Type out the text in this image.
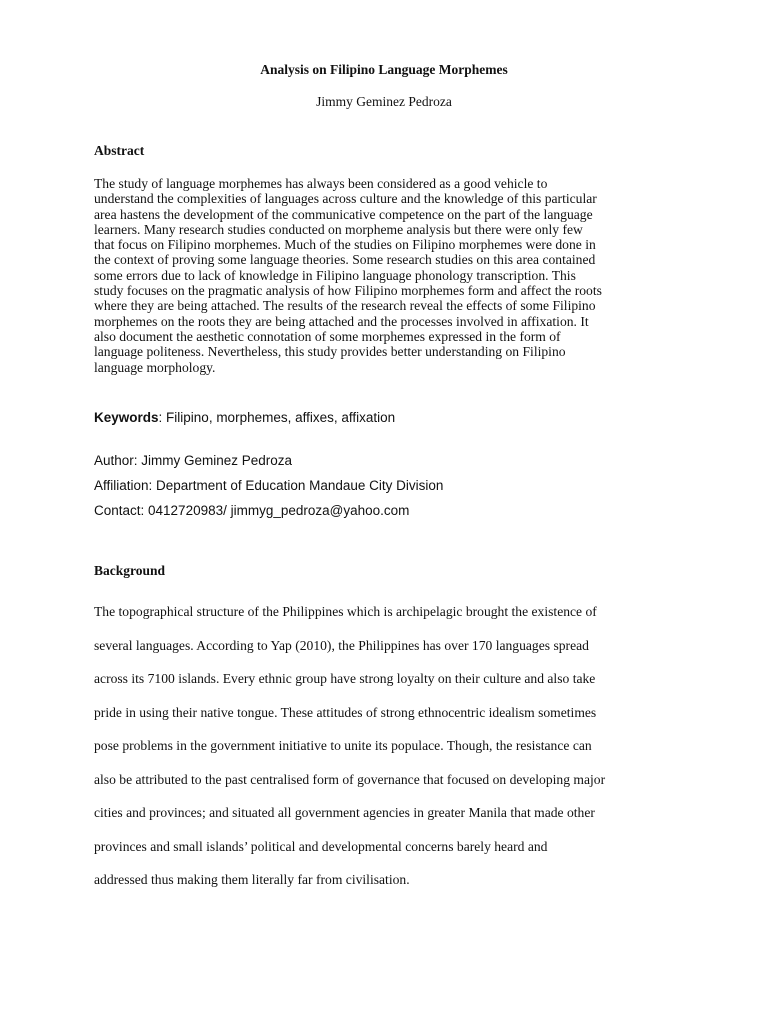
Analysis on Filipino Language Morphemes
Jimmy Geminez Pedroza
Abstract
The study of language morphemes has always been considered as a good vehicle to
understand the complexities of languages across culture and the knowledge of this particular
area hastens the development of the communicative competence on the part of the language
learners. Many research studies conducted on morpheme analysis but there were only few
that focus on Filipino morphemes. Much of the studies on Filipino morphemes were done in
the context of proving some language theories. Some research studies on this area contained
some errors due to lack of knowledge in Filipino language phonology transcription. This
study focuses on the pragmatic analysis of how Filipino morphemes form and affect the roots
where they are being attached. The results of the research reveal the effects of some Filipino
morphemes on the roots they are being attached and the processes involved in affixation. It
also document the aesthetic connotation of some morphemes expressed in the form of
language politeness. Nevertheless, this study provides better understanding on Filipino
language morphology.

Keywords: Filipino, morphemes, affixes, affixation

Author: Jimmy Geminez Pedroza

Affiliation: Department of Education Mandaue City Division

Contact: 0412720983/ jimmyg_pedroza@yahoo.com

Background
The topographical structure of the Philippines which is archipelagic brought the existence of
several languages. According to Yap (2010), the Philippines has over 170 languages spread
across its 7100 islands. Every ethnic group have strong loyalty on their culture and also take
pride in using their native tongue. These attitudes of strong ethnocentric idealism sometimes
pose problems in the government initiative to unite its populace. Though, the resistance can
also be attributed to the past centralised form of governance that focused on developing major
cities and provinces; and situated all government agencies in greater Manila that made other
provinces and small islands’ political and developmental concerns barely heard and
addressed thus making them literally far from civilisation.
